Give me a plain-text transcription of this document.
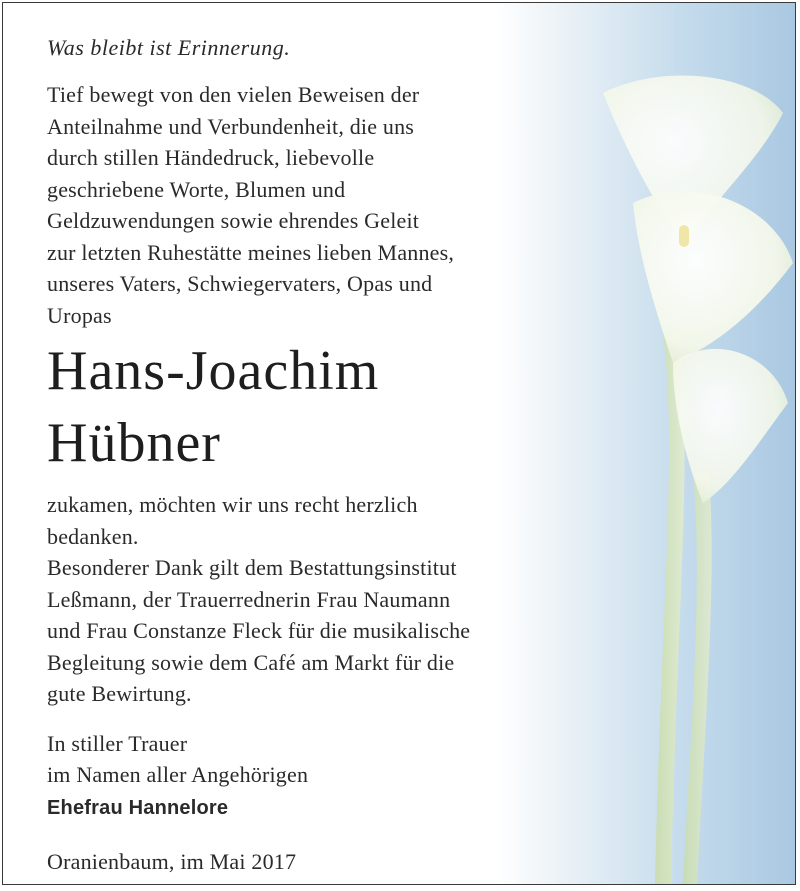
Was bleibt ist Erinnerung.

Tief bewegt von den vielen Beweisen der
Anteilnahme und Verbundenheit, die uns
durch stillen Händedruck, liebevolle
geschriebene Worte, Blumen und
Geldzuwendungen sowie ehrendes Geleit
zur letzten Ruhestätte meines lieben Mannes,
unseres Vaters, Schwiegervaters, Opas und
Uropas

Hans-Joachim
Hübner

zukamen, möchten wir uns recht herzlich
bedanken.
Besonderer Dank gilt dem Bestattungsinstitut
Leßmann, der Trauerrednerin Frau Naumann
und Frau Constanze Fleck für die musikalische
Begleitung sowie dem Café am Markt für die
gute Bewirtung.

In stiller Trauer
im Namen aller Angehörigen
Ehefrau Hannelore

Oranienbaum, im Mai 2017
